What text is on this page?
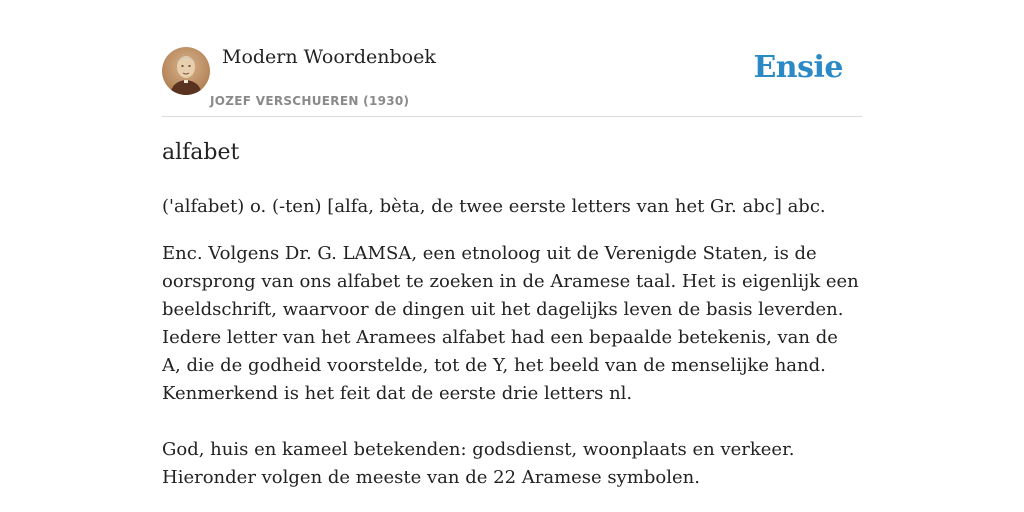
Modern Woordenboek
JOZEF VERSCHUEREN (1930)
Ensie
alfabet
('alfabet) o. (-ten) [alfa, bèta, de twee eerste letters van het Gr. abc] abc.

Enc. Volgens Dr. G. LAMSA, een etnoloog uit de Verenigde Staten, is de oorsprong van ons alfabet te zoeken in de Aramese taal. Het is eigenlijk een beeldschrift, waarvoor de dingen uit het dagelijks leven de basis leverden. Iedere letter van het Aramees alfabet had een bepaalde betekenis, van de A, die de godheid voorstelde, tot de Y, het beeld van de menselijke hand. Kenmerkend is het feit dat de eerste drie letters nl.

God, huis en kameel betekenden: godsdienst, woonplaats en verkeer. Hieronder volgen de meeste van de 22 Aramese symbolen.
